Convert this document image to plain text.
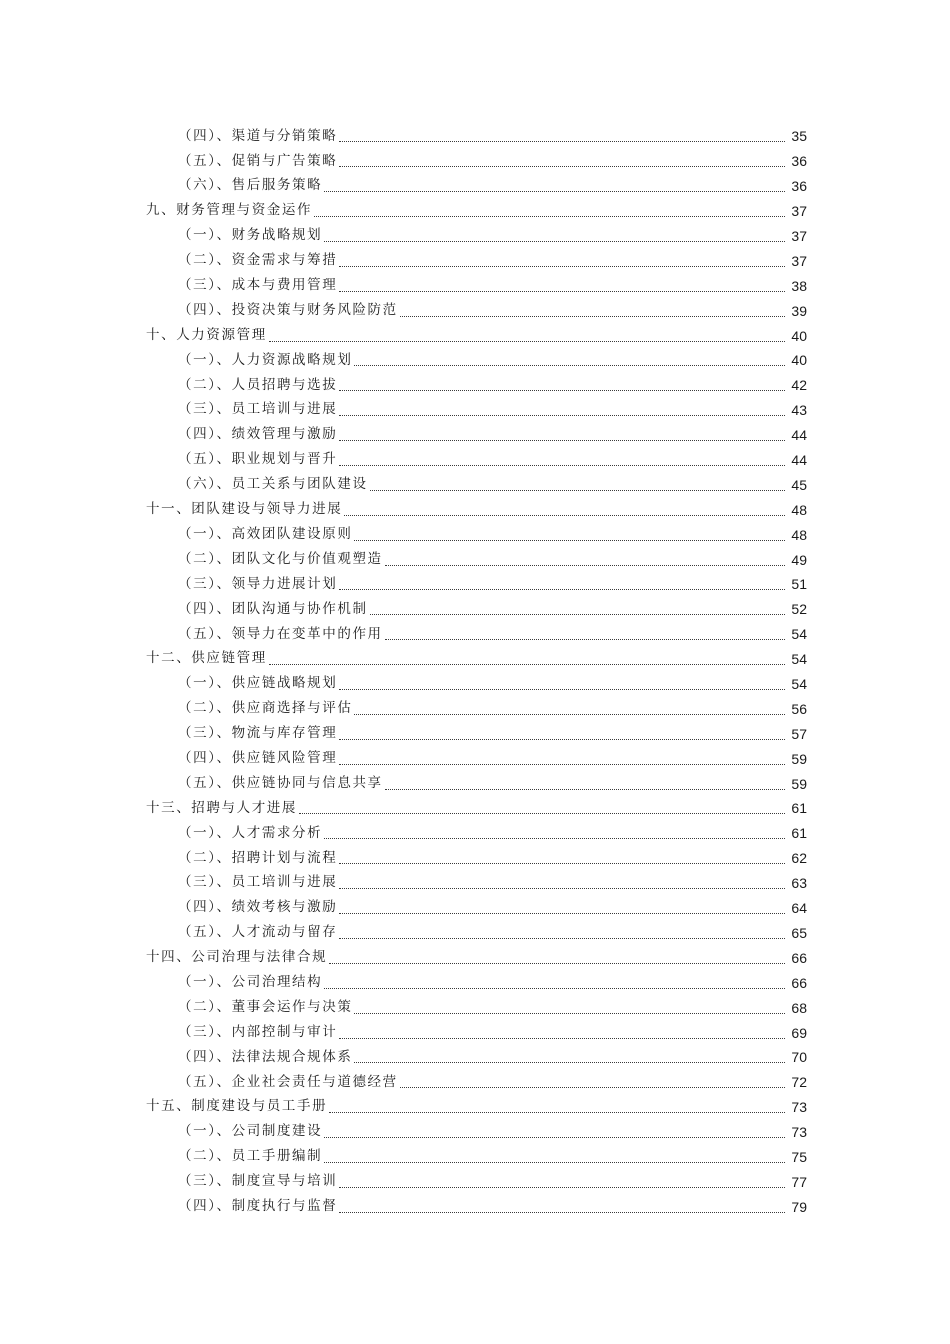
（四）、渠道与分销策略	35
（五）、促销与广告策略	36
（六）、售后服务策略	36
九、财务管理与资金运作	37
（一）、财务战略规划	37
（二）、资金需求与筹措	37
（三）、成本与费用管理	38
（四）、投资决策与财务风险防范	39
十、人力资源管理	40
（一）、人力资源战略规划	40
（二）、人员招聘与选拔	42
（三）、员工培训与进展	43
（四）、绩效管理与激励	44
（五）、职业规划与晋升	44
（六）、员工关系与团队建设	45
十一、团队建设与领导力进展	48
（一）、高效团队建设原则	48
（二）、团队文化与价值观塑造	49
（三）、领导力进展计划	51
（四）、团队沟通与协作机制	52
（五）、领导力在变革中的作用	54
十二、供应链管理	54
（一）、供应链战略规划	54
（二）、供应商选择与评估	56
（三）、物流与库存管理	57
（四）、供应链风险管理	59
（五）、供应链协同与信息共享	59
十三、招聘与人才进展	61
（一）、人才需求分析	61
（二）、招聘计划与流程	62
（三）、员工培训与进展	63
（四）、绩效考核与激励	64
（五）、人才流动与留存	65
十四、公司治理与法律合规	66
（一）、公司治理结构	66
（二）、董事会运作与决策	68
（三）、内部控制与审计	69
（四）、法律法规合规体系	70
（五）、企业社会责任与道德经营	72
十五、制度建设与员工手册	73
（一）、公司制度建设	73
（二）、员工手册编制	75
（三）、制度宣导与培训	77
（四）、制度执行与监督	79
